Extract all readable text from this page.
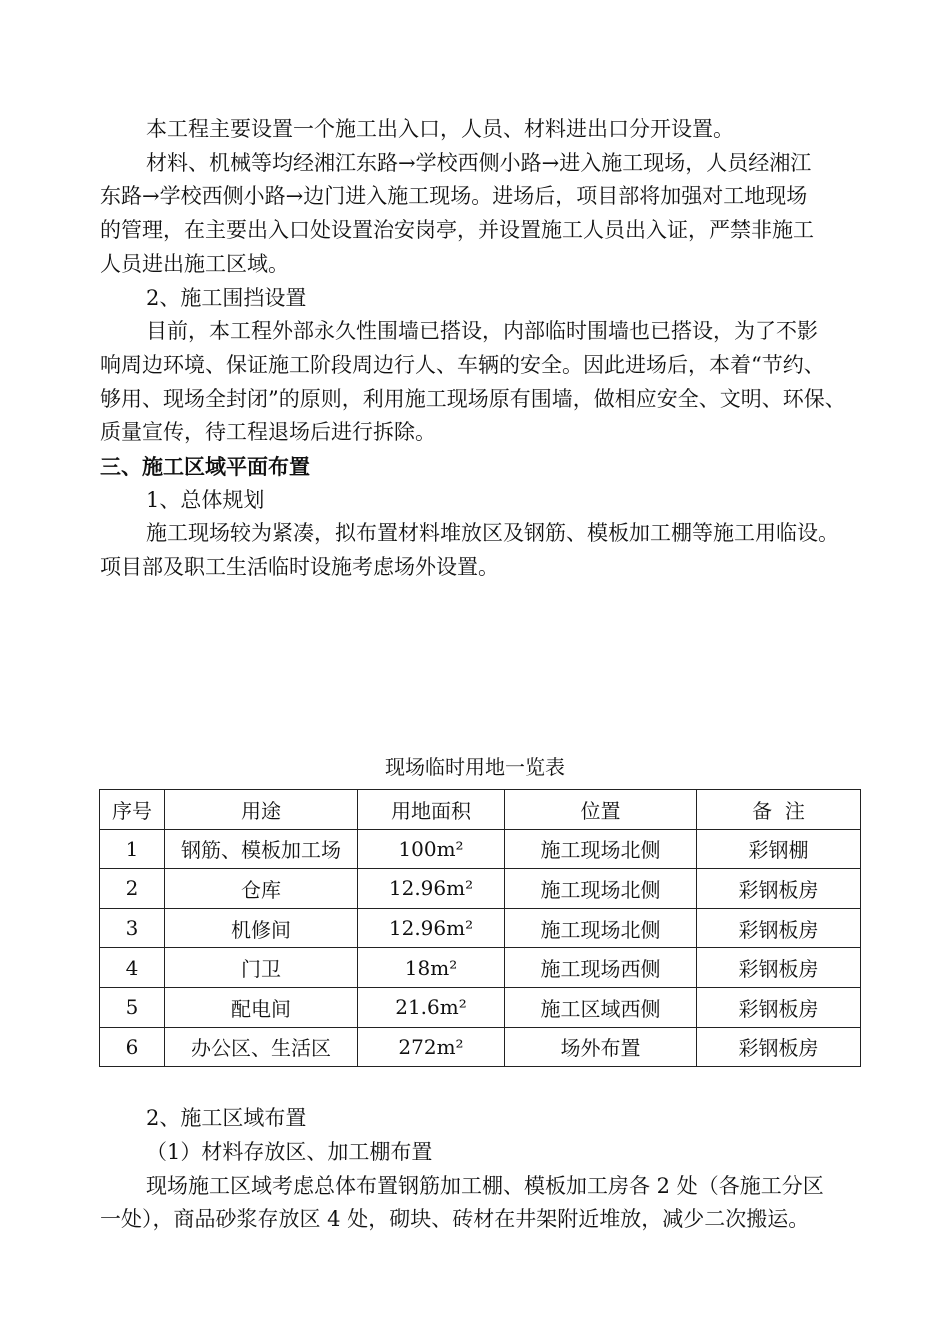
本工程主要设置一个施工出入口，人员、材料进出口分开设置。
材料、机械等均经湘江东路→学校西侧小路→进入施工现场，人员经湘江
东路→学校西侧小路→边门进入施工现场。进场后，项目部将加强对工地现场
的管理，在主要出入口处设置治安岗亭，并设置施工人员出入证，严禁非施工
人员进出施工区域。
2、施工围挡设置
目前，本工程外部永久性围墙已搭设，内部临时围墙也已搭设，为了不影
响周边环境、保证施工阶段周边行人、车辆的安全。因此进场后，本着“节约、
够用、现场全封闭”的原则，利用施工现场原有围墙，做相应安全、文明、环保、
质量宣传，待工程退场后进行拆除。
三、施工区域平面布置
1、总体规划
施工现场较为紧凑，拟布置材料堆放区及钢筋、模板加工棚等施工用临设。
项目部及职工生活临时设施考虑场外设置。
现场临时用地一览表
序号	用途	用地面积	位置	备  注
1	钢筋、模板加工场	100m²	施工现场北侧	彩钢棚
2	仓库	12.96m²	施工现场北侧	彩钢板房
3	机修间	12.96m²	施工现场北侧	彩钢板房
4	门卫	18m²	施工现场西侧	彩钢板房
5	配电间	21.6m²	施工区域西侧	彩钢板房
6	办公区、生活区	272m²	场外布置	彩钢板房
2、施工区域布置
（1）材料存放区、加工棚布置
现场施工区域考虑总体布置钢筋加工棚、模板加工房各 2 处（各施工分区
一处），商品砂浆存放区 4 处，砌块、砖材在井架附近堆放，减少二次搬运。
